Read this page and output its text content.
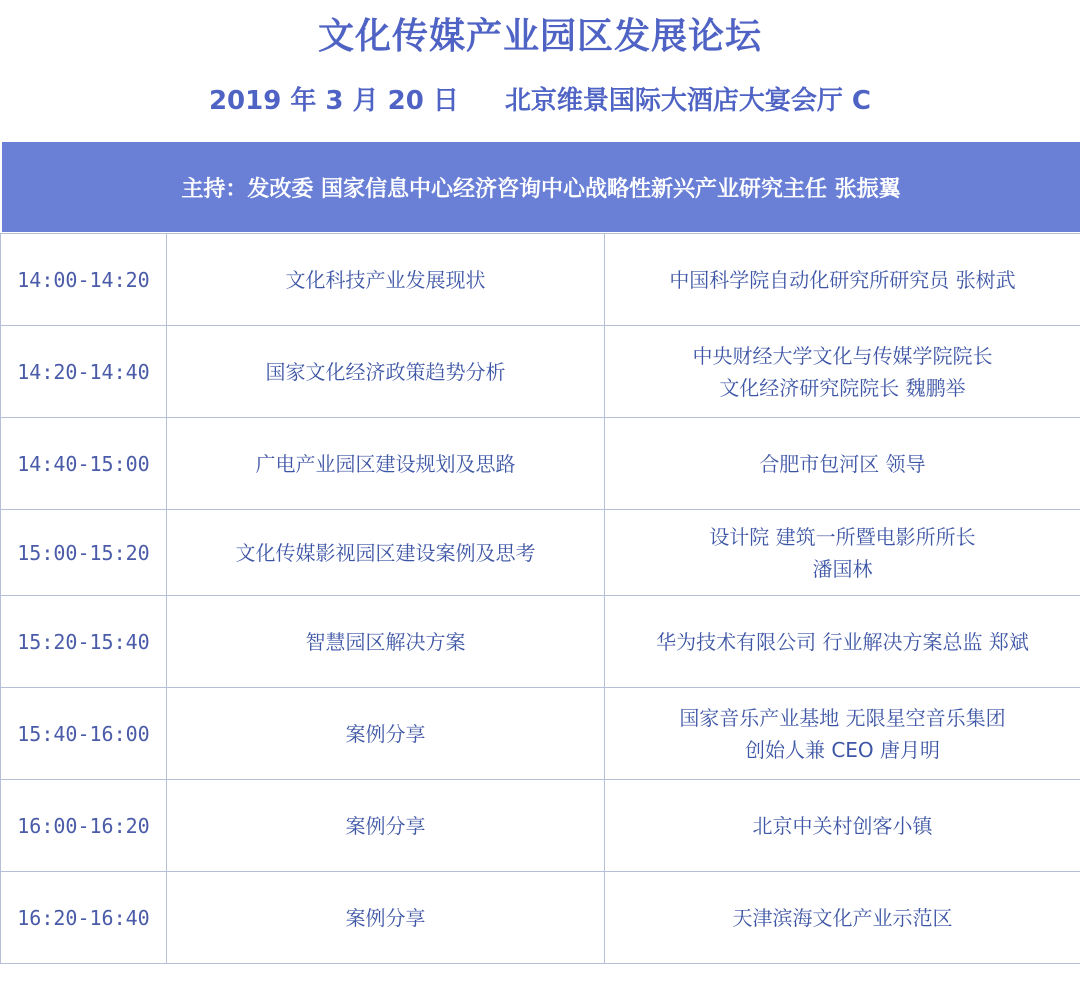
文化传媒产业园区发展论坛
2019 年 3 月 20 日 北京维景国际大酒店大宴会厅 C
主持： 发改委 国家信息中心经济咨询中心战略性新兴产业研究主任 张振翼
14:00-14:20	文化科技产业发展现状	中国科学院自动化研究所研究员 张树武

14:20-14:40	国家文化经济政策趋势分析	中央财经大学文化与传媒学院院长
文化经济研究院院长 魏鹏举

14:40-15:00	广电产业园区建设规划及思路	合肥市包河区 领导

15:00-15:20	文化传媒影视园区建设案例及思考	设计院 建筑一所暨电影所所长
潘国林

15:20-15:40	智慧园区解决方案	华为技术有限公司 行业解决方案总监 郑斌

15:40-16:00	案例分享	国家音乐产业基地 无限星空音乐集团
创始人兼 CEO 唐月明

16:00-16:20	案例分享	北京中关村创客小镇

16:20-16:40	案例分享	天津滨海文化产业示范区
